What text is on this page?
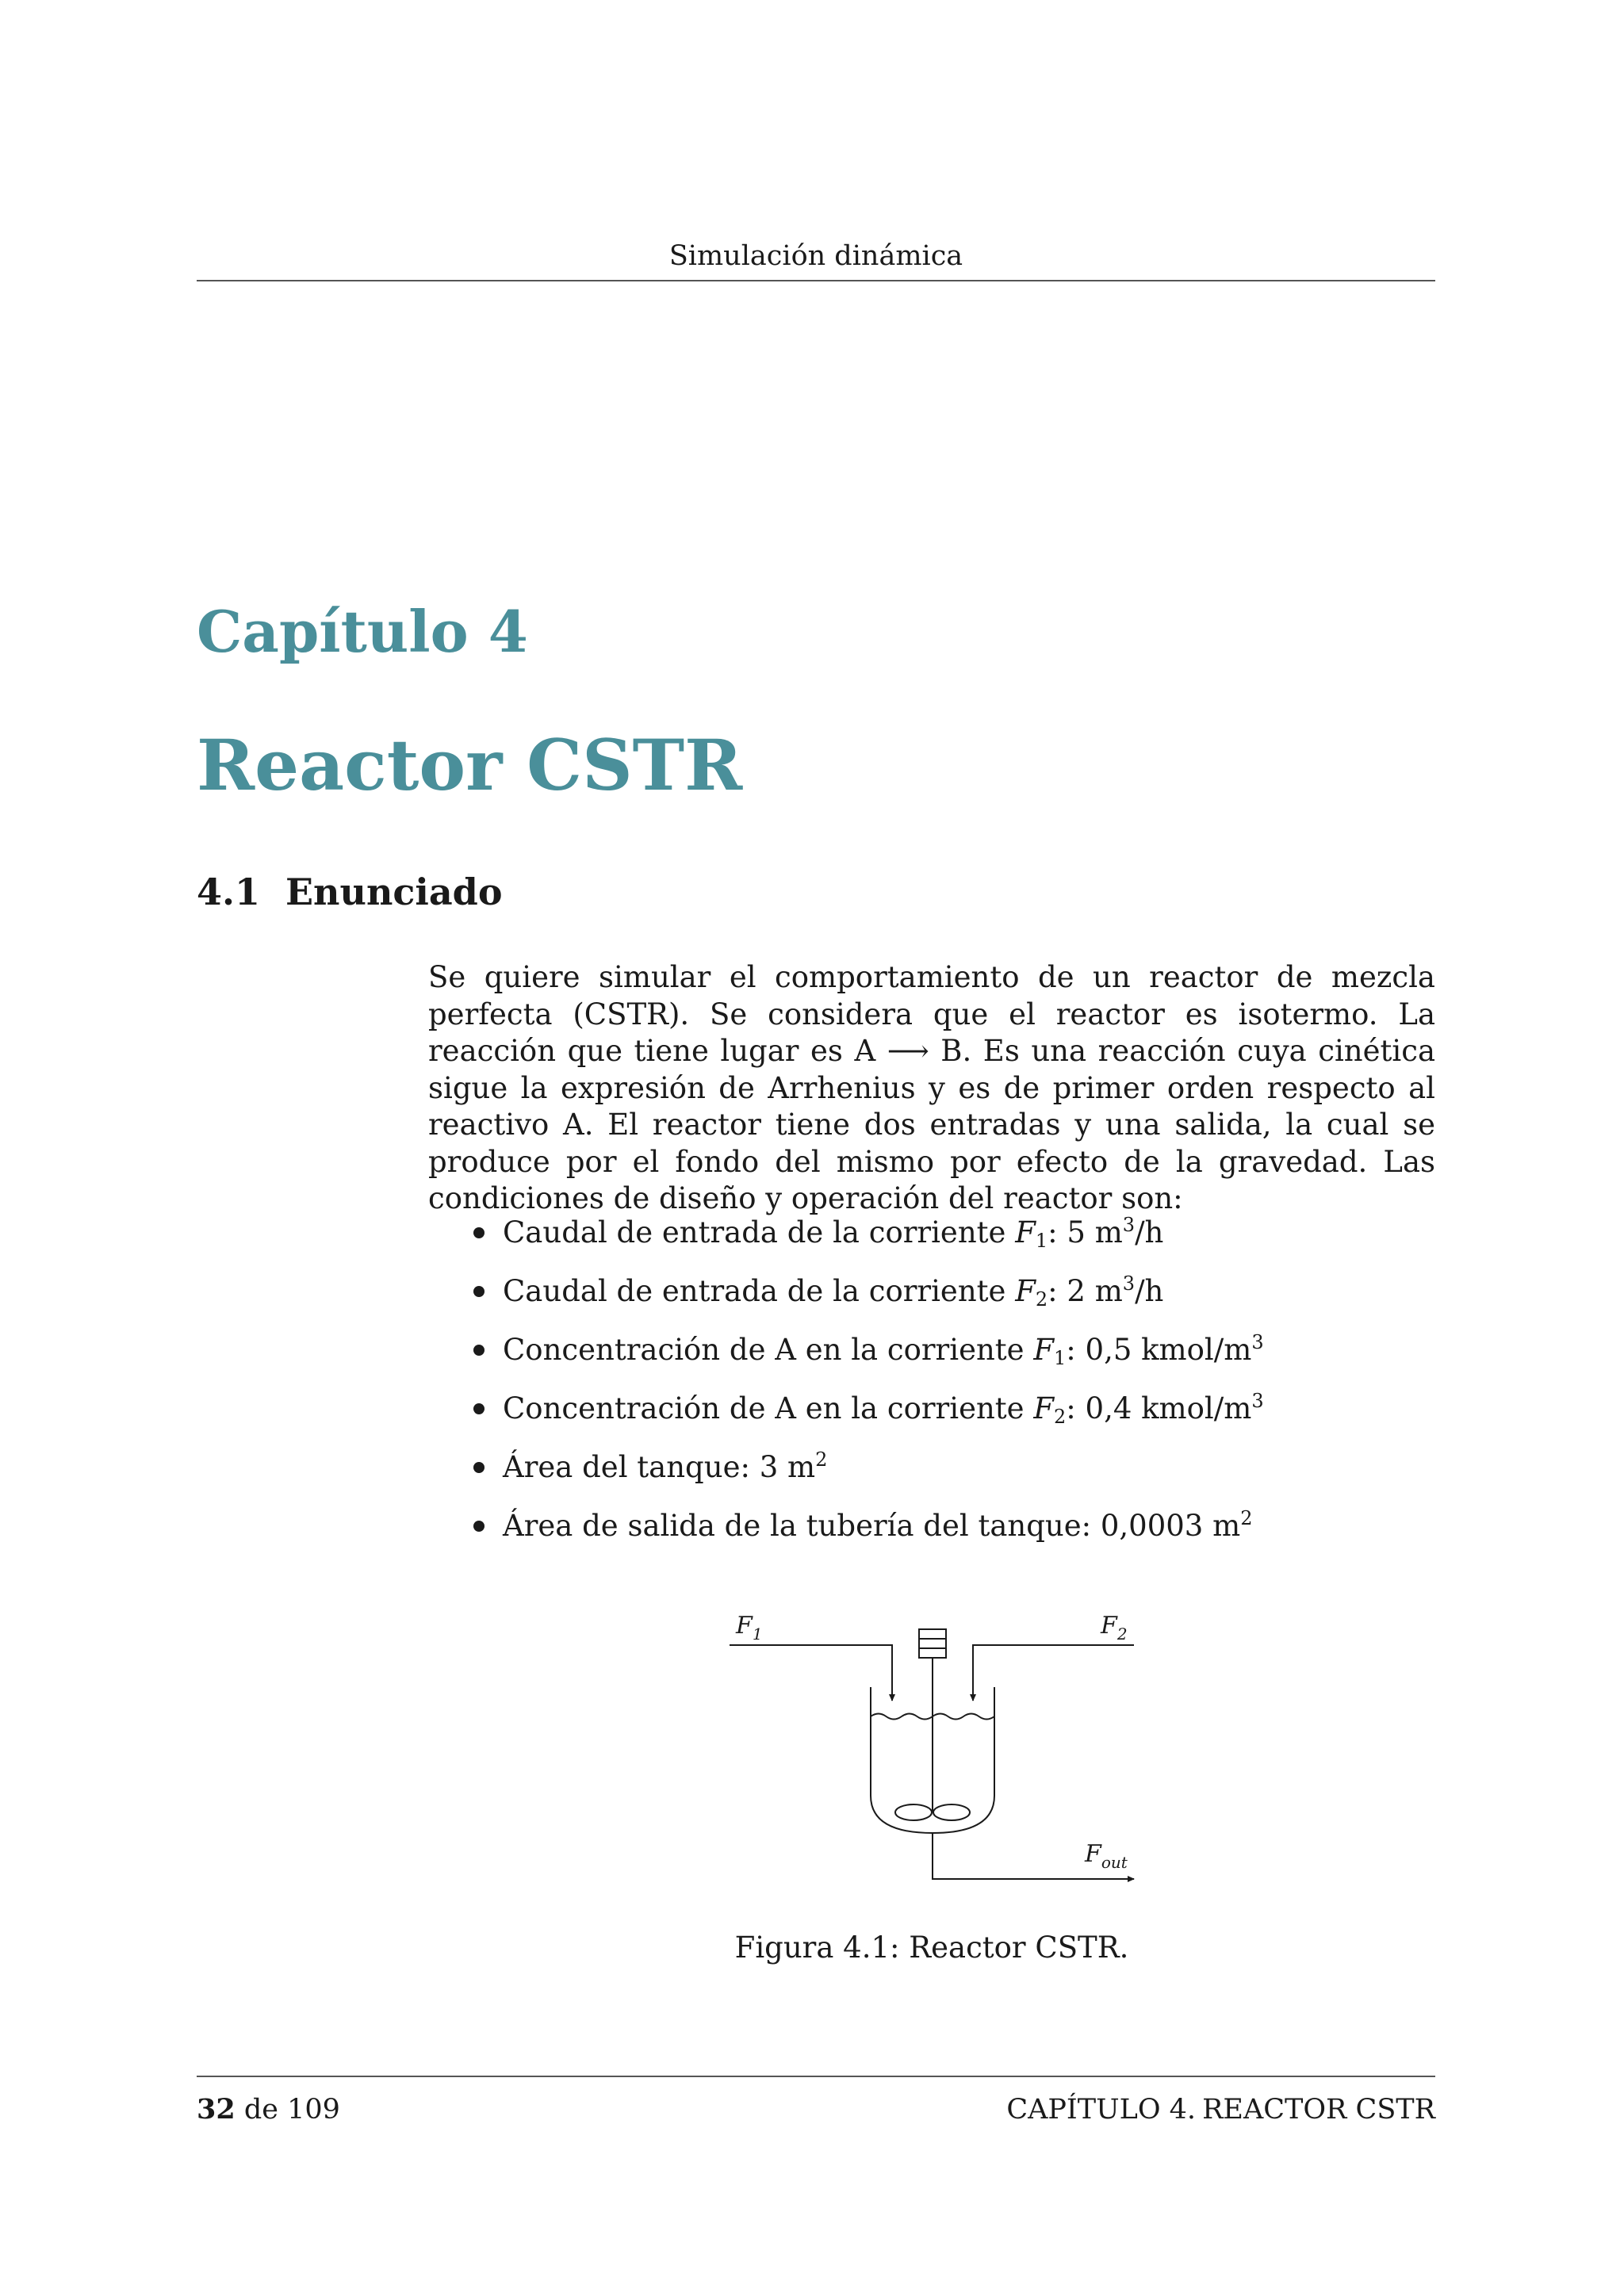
Simulación dinámica
Capítulo 4
Reactor CSTR
4.1 Enunciado
Se quiere simular el comportamiento de un reactor de mezcla perfecta (CSTR). Se considera que el reactor es isotermo. La reacción que tiene lugar es A ⟶ B. Es una reacción cuya cinética sigue la expresión de Arrhenius y es de primer orden respecto al reactivo A. El reactor tiene dos entradas y una salida, la cual se produce por el fondo del mismo por efecto de la gravedad. Las condiciones de diseño y operación del reactor son:
Caudal de entrada de la corriente $F_1$: 5 $m^3/h$
Caudal de entrada de la corriente $F_2$: 2 $m^3/h$
Concentración de A en la corriente $F_1$: 0,5 kmol/$m^3$
Concentración de A en la corriente $F_2$: 0,4 kmol/$m^3$
Área del tanque: 3 $m^2$
Área de salida de la tubería del tanque: 0,0003 $m^2$
$F_1$	$F_2$
$F_{out}$
Figura 4.1: Reactor CSTR.
32 de 109	CAPÍTULO 4. REACTOR CSTR
